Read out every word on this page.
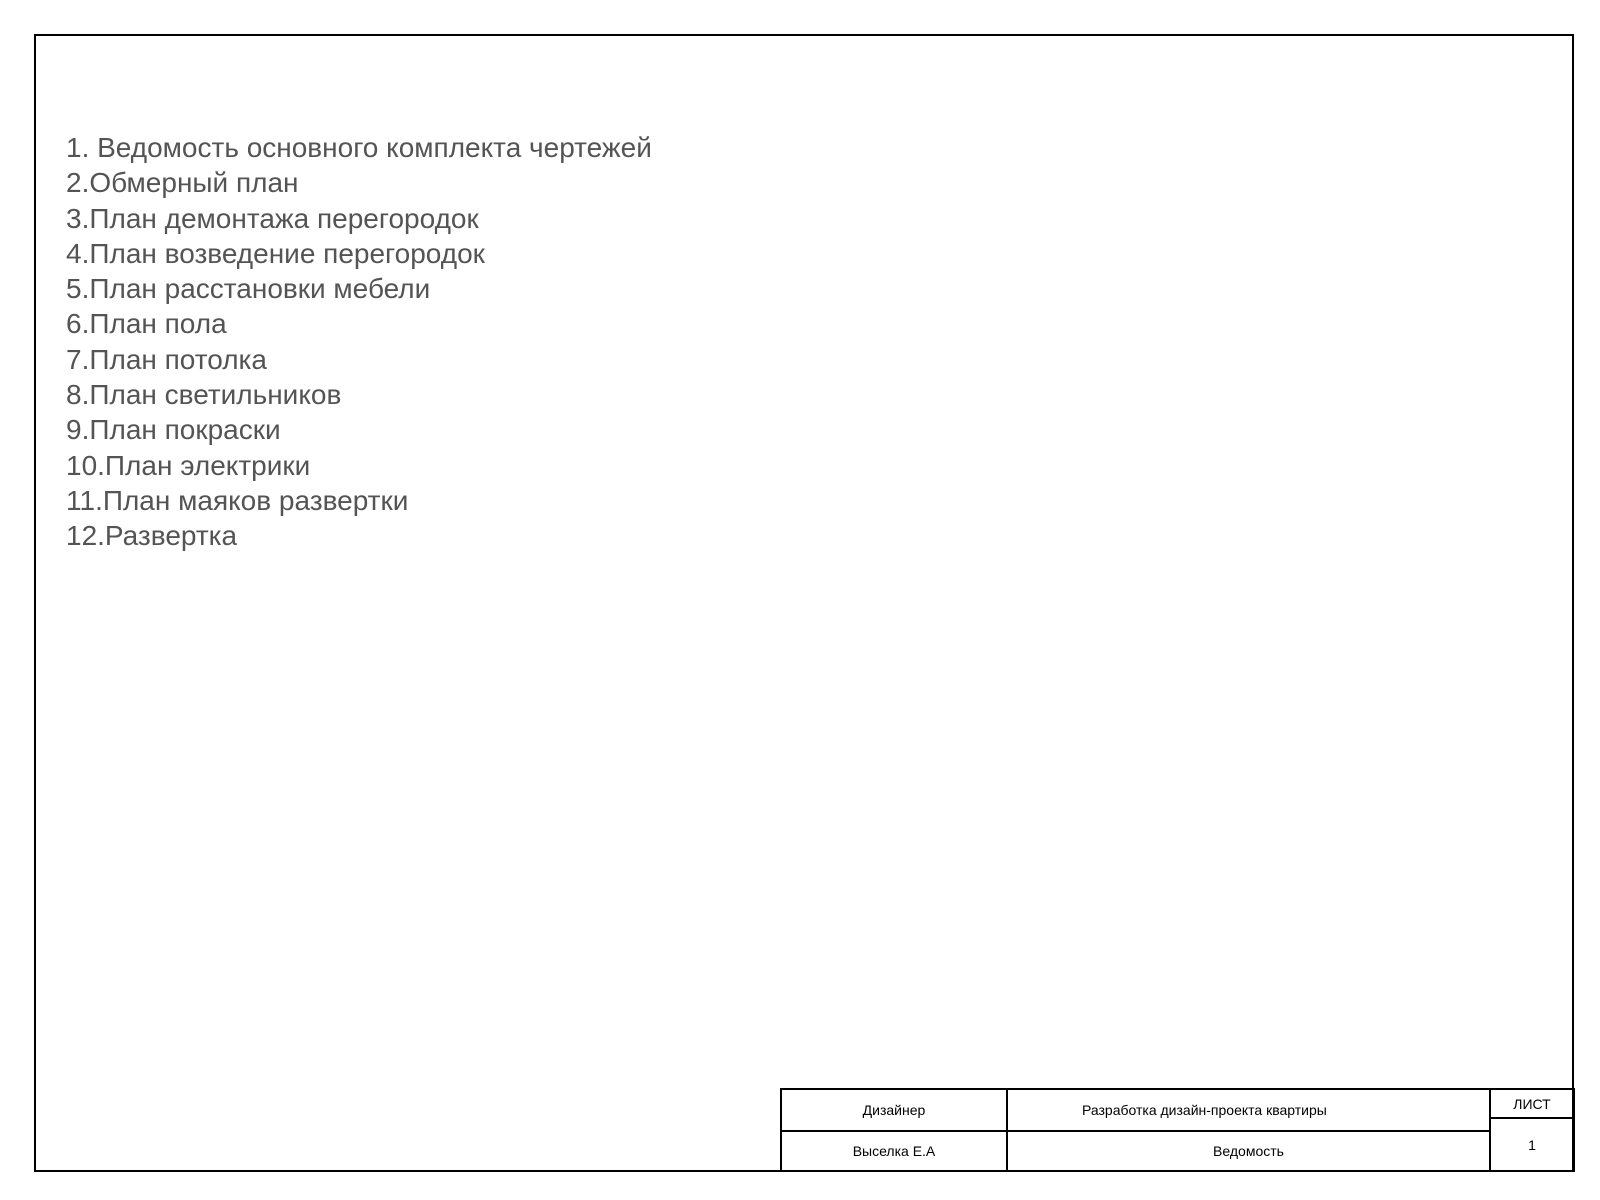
1. Ведомость основного комплекта чертежей
2.Обмерный план
3.План демонтажа перегородок
4.План возведение перегородок
5.План расстановки мебели
6.План пола
7.План потолка
8.План светильников
9.План покраски
10.План электрики
11.План маяков развертки
12.Развертка
Дизайнер
Выселка Е.А
Разработка дизайн-проекта квартиры
Ведомость
ЛИСТ
1
